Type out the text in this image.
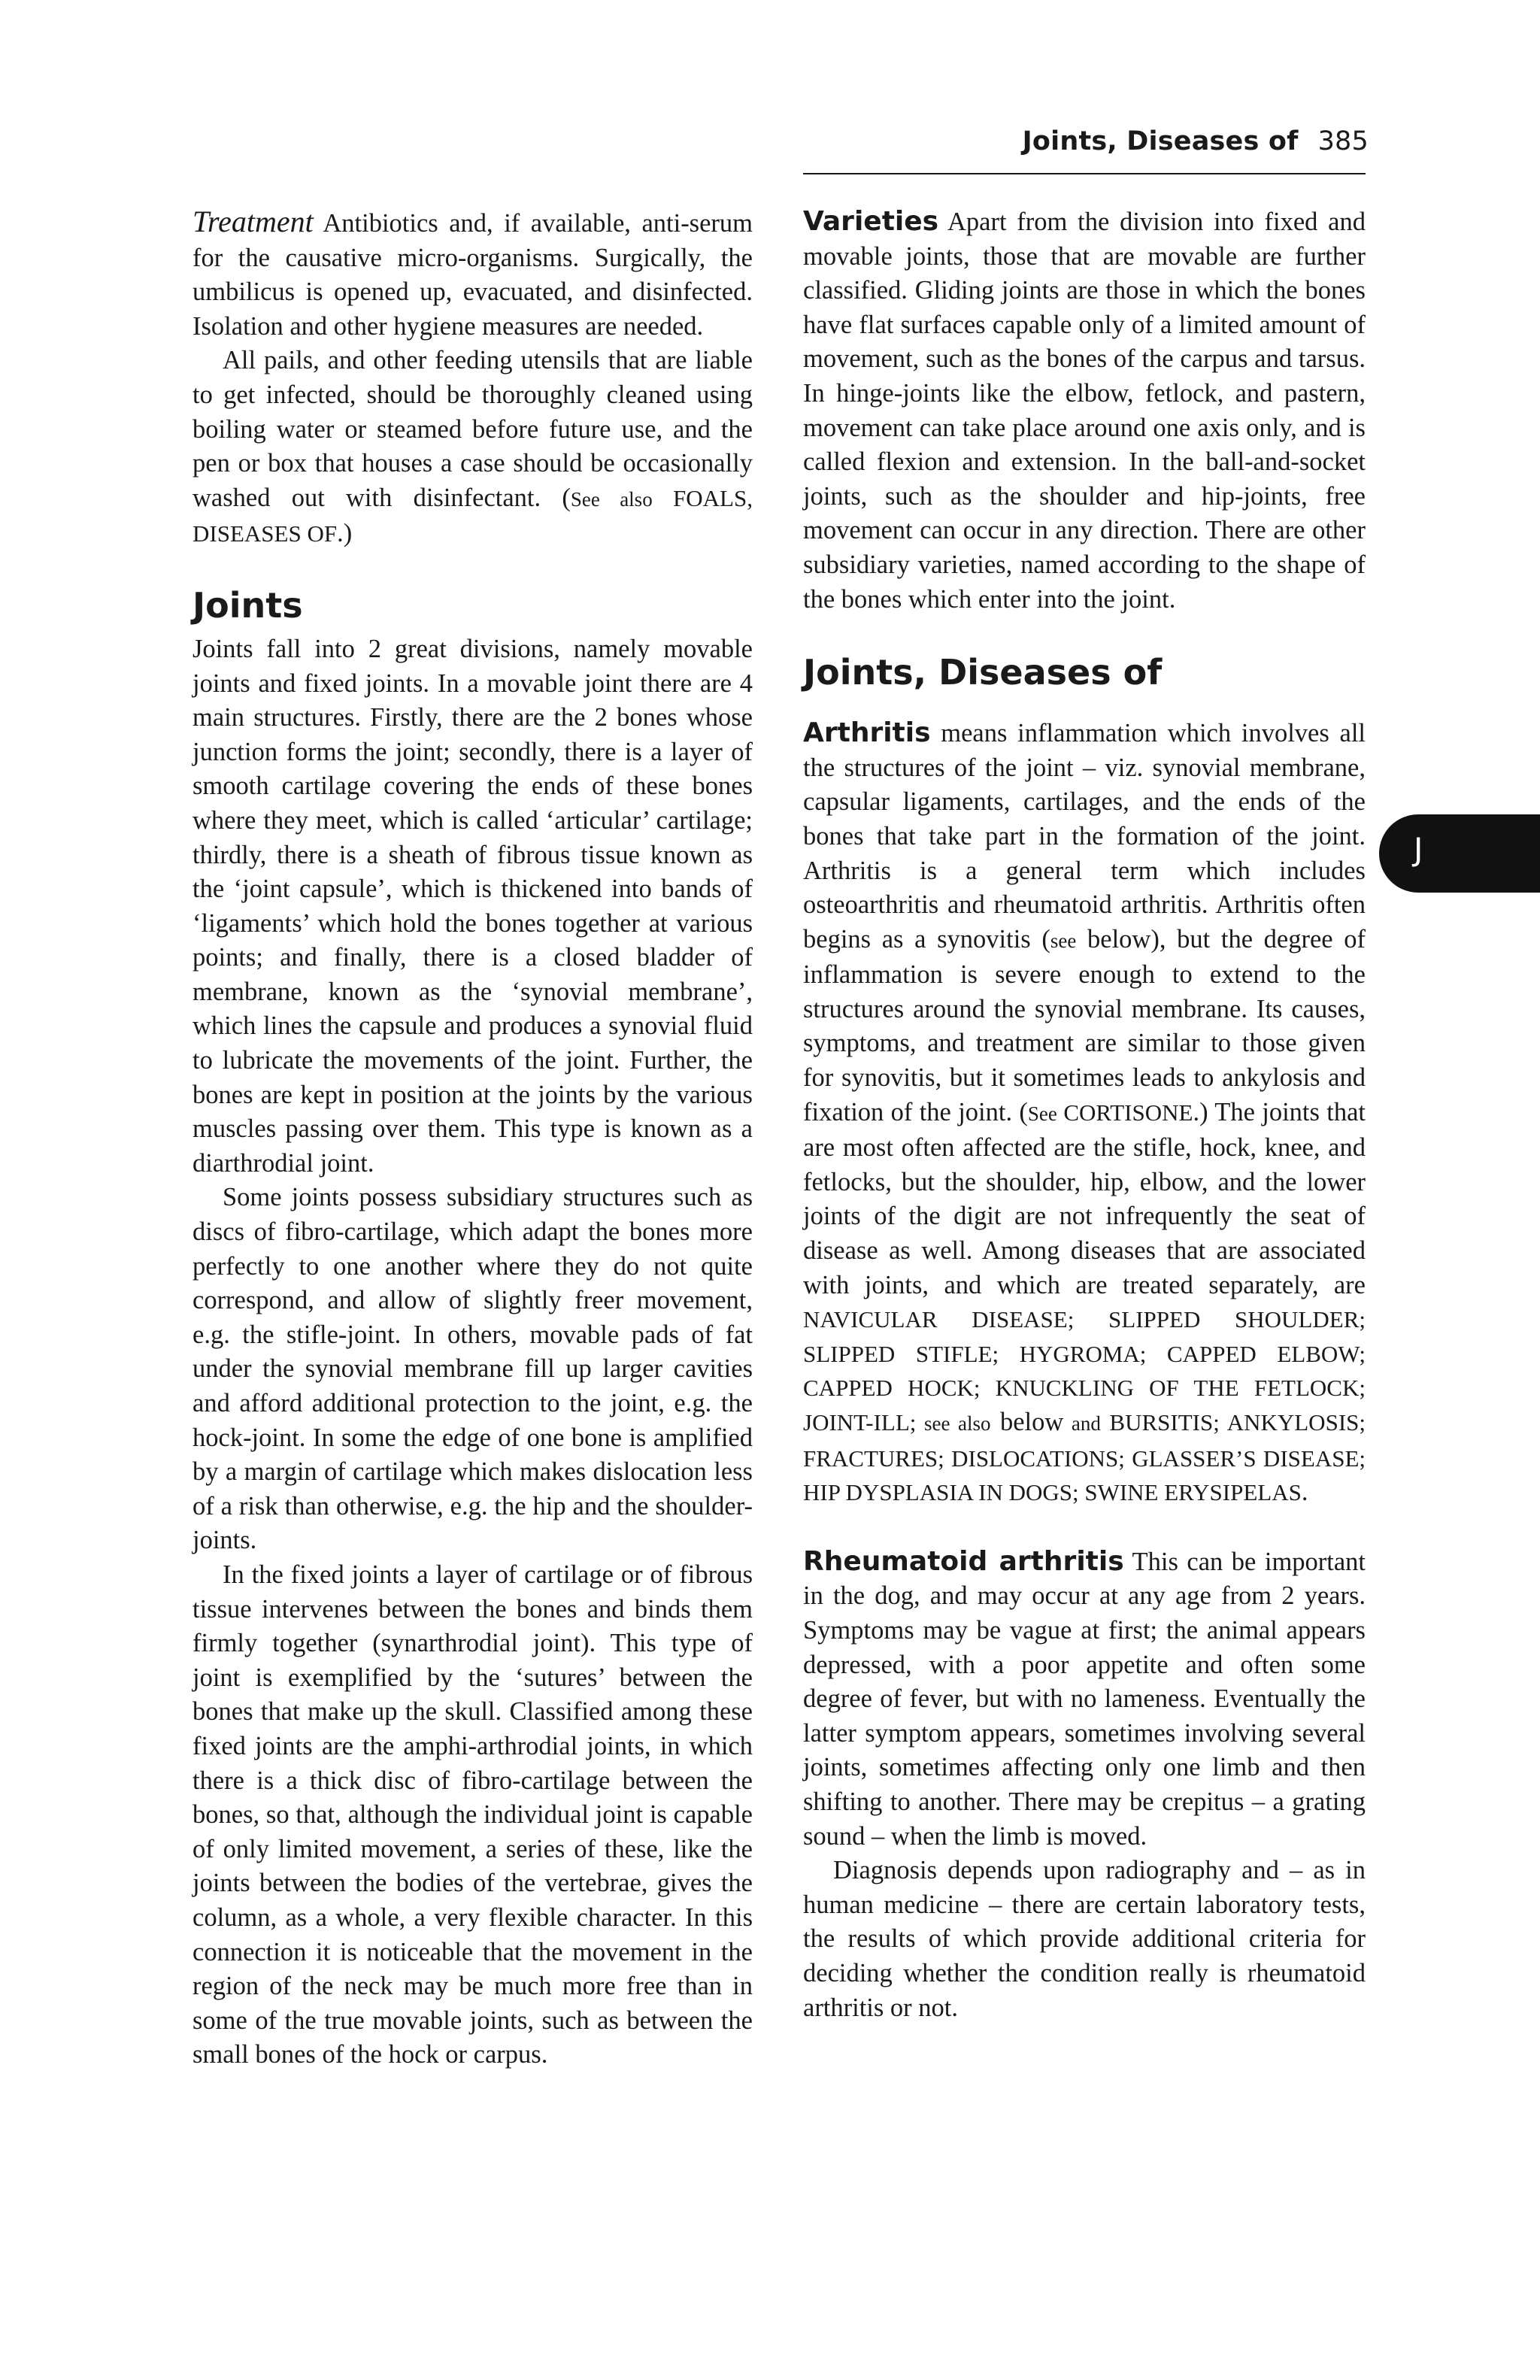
Joints, Diseases of 385
J

Treatment Antibiotics and, if available, anti-serum for the causative micro-organisms. Surgically, the umbilicus is opened up, evacuated, and disinfected. Isolation and other hygiene measures are needed.

All pails, and other feeding utensils that are liable to get infected, should be thoroughly cleaned using boiling water or steamed before future use, and the pen or box that houses a case should be occasionally washed out with disinfectant. (See also FOALS, DISEASES OF.)

Joints

Joints fall into 2 great divisions, namely movable joints and fixed joints. In a movable joint there are 4 main structures. Firstly, there are the 2 bones whose junction forms the joint; secondly, there is a layer of smooth cartilage covering the ends of these bones where they meet, which is called ‘articular’ cartilage; thirdly, there is a sheath of fibrous tissue known as the ‘joint capsule’, which is thickened into bands of ‘ligaments’ which hold the bones together at various points; and finally, there is a closed bladder of membrane, known as the ‘synovial membrane’, which lines the capsule and produces a synovial fluid to lubricate the movements of the joint. Further, the bones are kept in position at the joints by the various muscles passing over them. This type is known as a diarthrodial joint.

Some joints possess subsidiary structures such as discs of fibro-cartilage, which adapt the bones more perfectly to one another where they do not quite correspond, and allow of slightly freer movement, e.g. the stifle-joint. In others, movable pads of fat under the synovial membrane fill up larger cavities and afford additional protection to the joint, e.g. the hock-joint. In some the edge of one bone is amplified by a margin of cartilage which makes dislocation less of a risk than otherwise, e.g. the hip and the shoulder-joints.

In the fixed joints a layer of cartilage or of fibrous tissue intervenes between the bones and binds them firmly together (synarthrodial joint). This type of joint is exemplified by the ‘sutures’ between the bones that make up the skull. Classified among these fixed joints are the amphi-arthrodial joints, in which there is a thick disc of fibro-cartilage between the bones, so that, although the individual joint is capable of only limited movement, a series of these, like the joints between the bodies of the vertebrae, gives the column, as a whole, a very flexible character. In this connection it is noticeable that the movement in the region of the neck may be much more free than in some of the true movable joints, such as between the small bones of the hock or carpus.

Varieties Apart from the division into fixed and movable joints, those that are movable are further classified. Gliding joints are those in which the bones have flat surfaces capable only of a limited amount of movement, such as the bones of the carpus and tarsus. In hinge-joints like the elbow, fetlock, and pastern, movement can take place around one axis only, and is called flexion and extension. In the ball-and-socket joints, such as the shoulder and hip-joints, free movement can occur in any direction. There are other subsidiary varieties, named according to the shape of the bones which enter into the joint.

Joints, Diseases of

Arthritis means inflammation which involves all the structures of the joint – viz. synovial membrane, capsular ligaments, cartilages, and the ends of the bones that take part in the formation of the joint. Arthritis is a general term which includes osteoarthritis and rheumatoid arthritis. Arthritis often begins as a synovitis (see below), but the degree of inflammation is severe enough to extend to the structures around the synovial membrane. Its causes, symptoms, and treatment are similar to those given for synovitis, but it sometimes leads to ankylosis and fixation of the joint. (See CORTISONE.) The joints that are most often affected are the stifle, hock, knee, and fetlocks, but the shoulder, hip, elbow, and the lower joints of the digit are not infrequently the seat of disease as well. Among diseases that are associated with joints, and which are treated separately, are NAVICULAR DISEASE; SLIPPED SHOULDER; SLIPPED STIFLE; HYGROMA; CAPPED ELBOW; CAPPED HOCK; KNUCKLING OF THE FETLOCK; JOINT-ILL; see also below and BURSITIS; ANKYLOSIS; FRACTURES; DISLOCATIONS; GLASSER’S DISEASE; HIP DYSPLASIA IN DOGS; SWINE ERYSIPELAS.

Rheumatoid arthritis This can be important in the dog, and may occur at any age from 2 years. Symptoms may be vague at first; the animal appears depressed, with a poor appetite and often some degree of fever, but with no lameness. Eventually the latter symptom appears, sometimes involving several joints, sometimes affecting only one limb and then shifting to another. There may be crepitus – a grating sound – when the limb is moved.

Diagnosis depends upon radiography and – as in human medicine – there are certain laboratory tests, the results of which provide additional criteria for deciding whether the condition really is rheumatoid arthritis or not.
